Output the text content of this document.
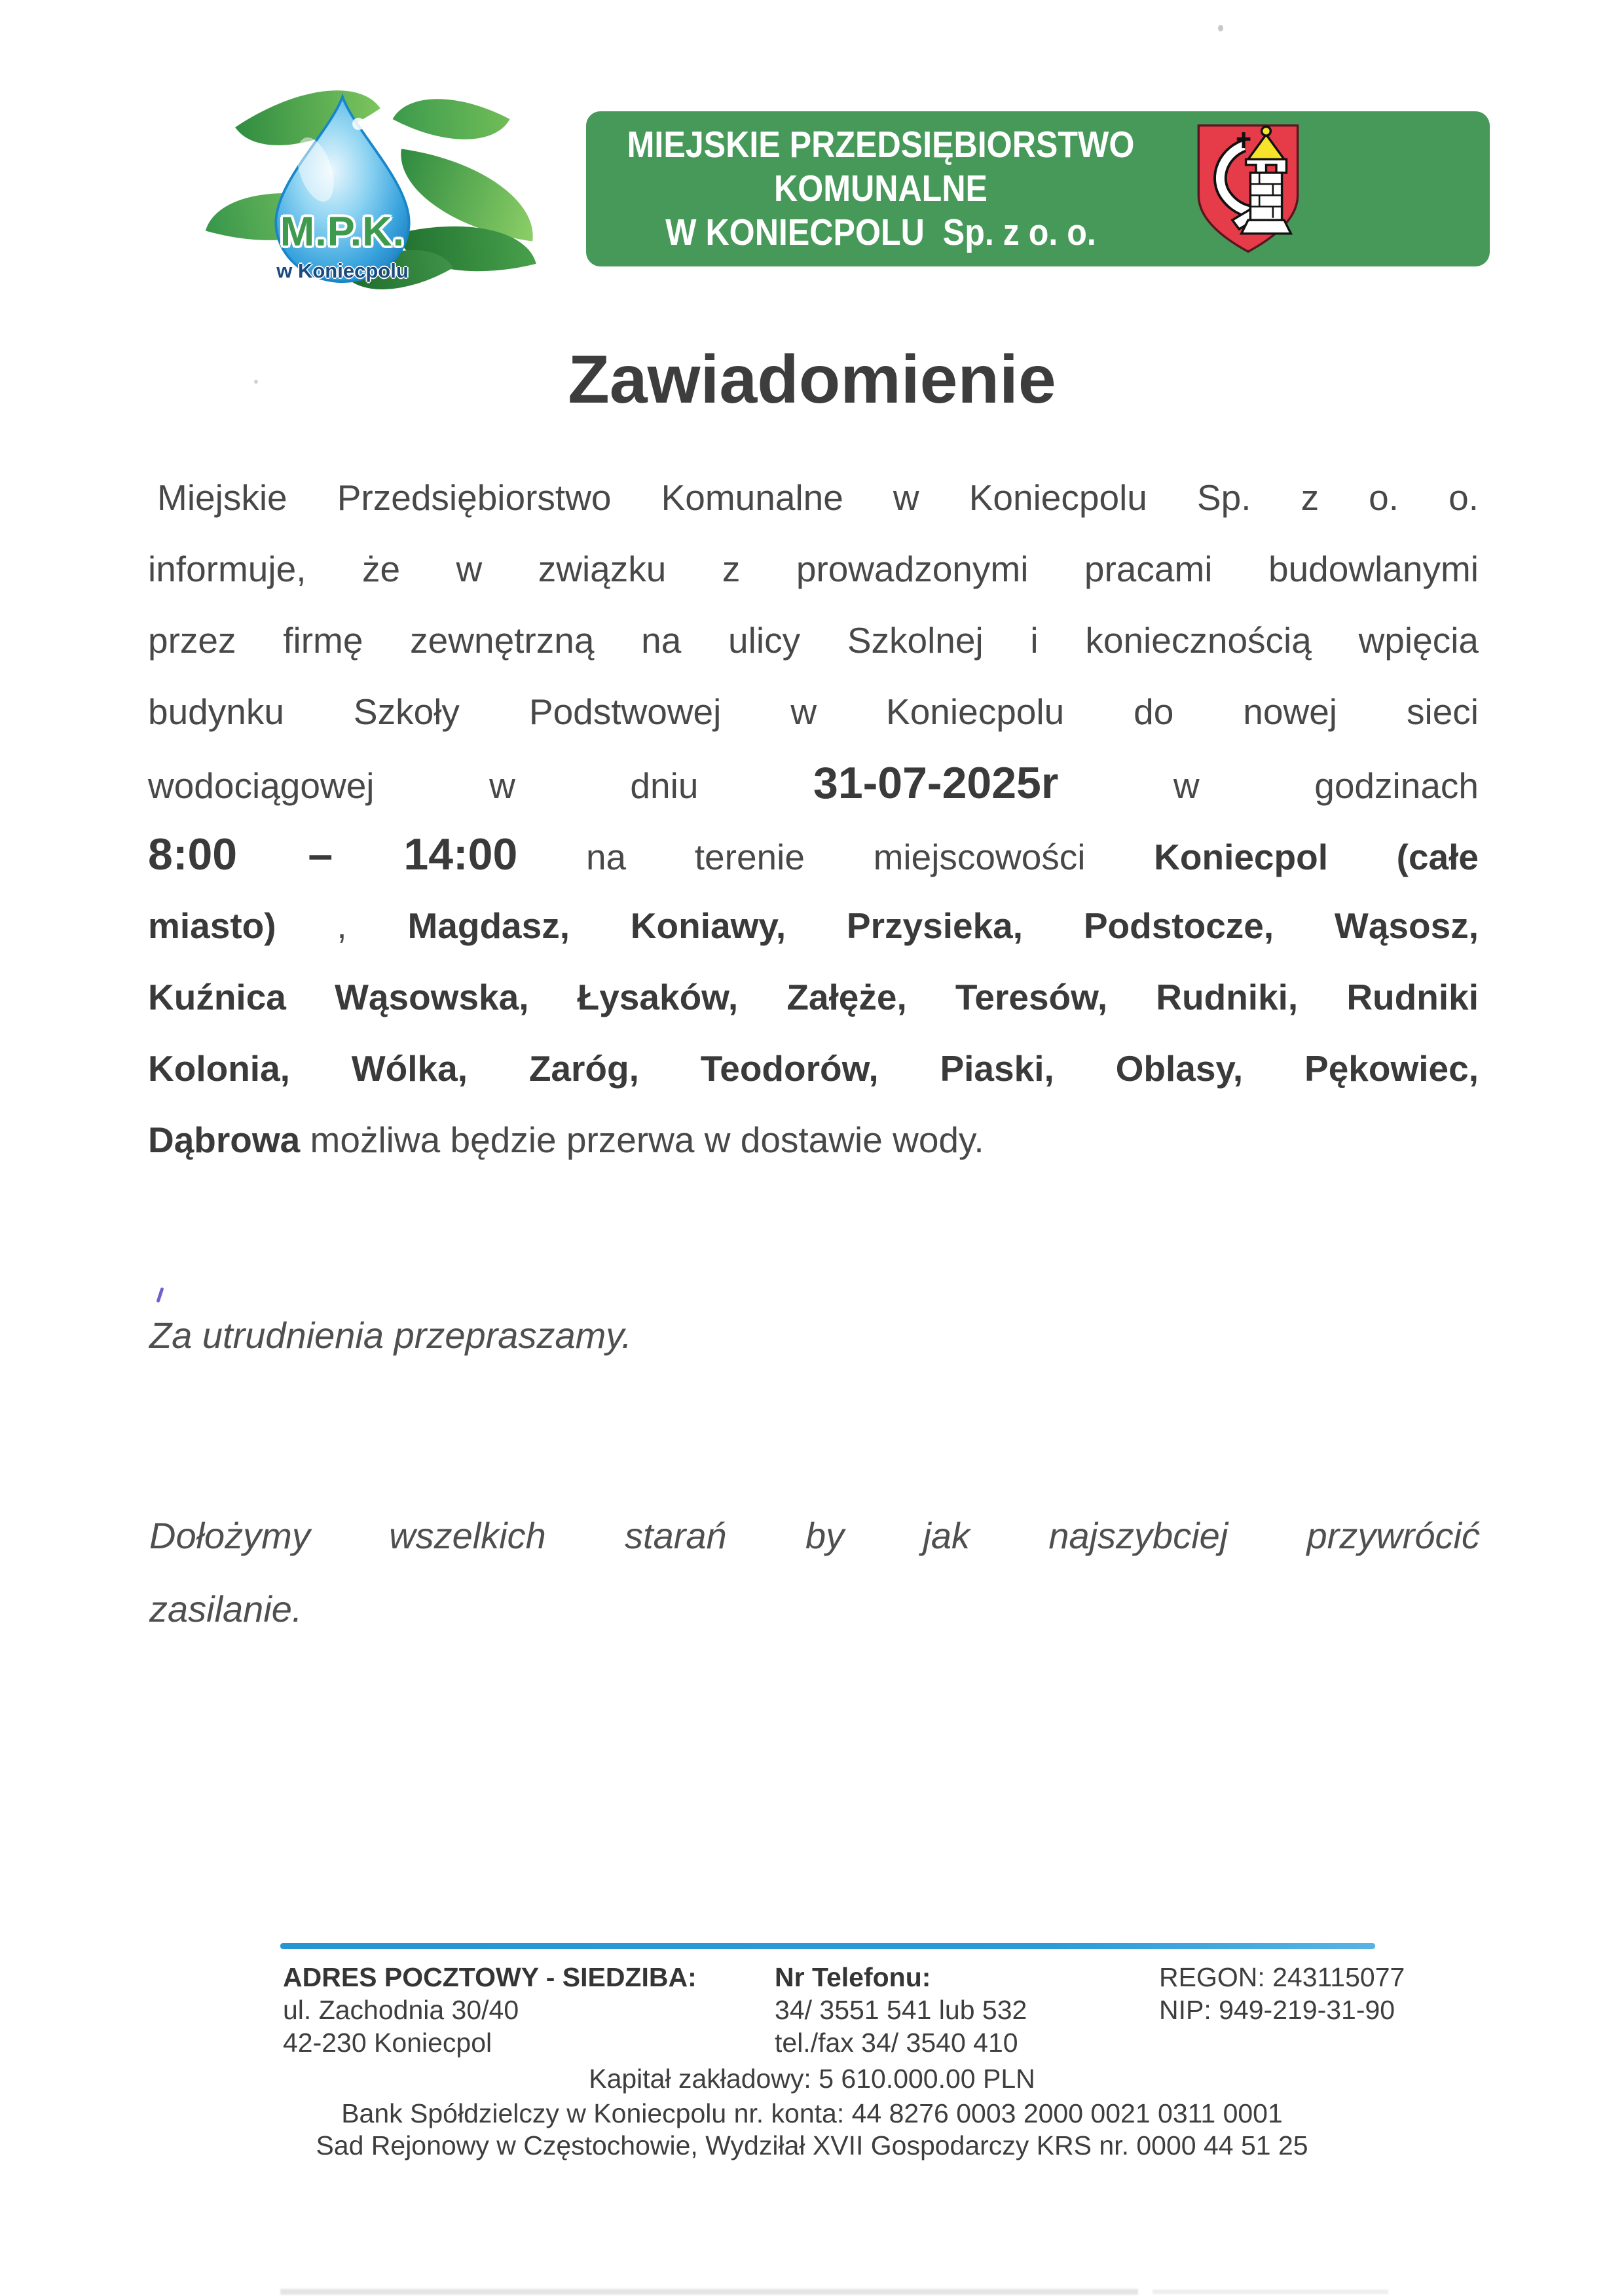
M.P.K.
w Koniecpolu
MIEJSKIE PRZEDSIĘBIORSTWO
KOMUNALNE
W KONIECPOLU  Sp. z o. o.
Zawiadomienie
Miejskie Przedsiębiorstwo Komunalne w Koniecpolu Sp. z o. o.
informuje, że w związku z prowadzonymi pracami budowlanymi
przez firmę zewnętrzną na ulicy Szkolnej i koniecznością wpięcia
budynku Szkoły Podstwowej w Koniecpolu do nowej sieci
wodociągowej w dniu 31-07-2025r w godzinach
8:00 – 14:00 na terenie miejscowości Koniecpol (całe
miasto) , Magdasz, Koniawy, Przysieka, Podstocze, Wąsosz,
Kuźnica Wąsowska, Łysaków, Załęże, Teresów, Rudniki, Rudniki
Kolonia, Wólka, Zaróg, Teodorów, Piaski, Oblasy, Pękowiec,
Dąbrowa możliwa będzie przerwa w dostawie wody.
Za utrudnienia przepraszamy.
Dołożymy wszelkich starań by jak najszybciej przywrócić
zasilanie.
ADRES POCZTOWY - SIEDZIBA:
ul. Zachodnia 30/40
42-230 Koniecpol
Nr Telefonu:
34/ 3551 541 lub 532
tel./fax 34/ 3540 410
REGON: 243115077
NIP: 949-219-31-90
Kapitał zakładowy: 5 610.000.00 PLN
Bank Spółdzielczy w Koniecpolu nr. konta: 44 8276 0003 2000 0021 0311 0001
Sad Rejonowy w Częstochowie, Wydziłał XVII Gospodarczy KRS nr. 0000 44 51 25
